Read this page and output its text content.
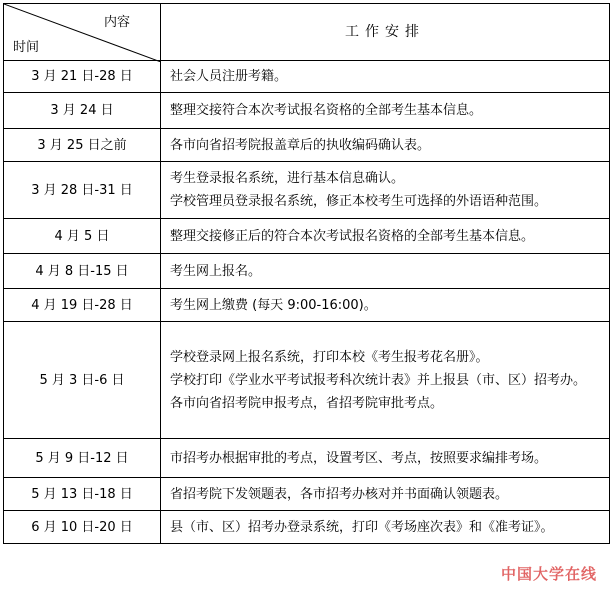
内容
时间	工作安排
3 月 21 日-28 日	社会人员注册考籍。

3 月 24 日	整理交接符合本次考试报名资格的全部考生基本信息。

3 月 25 日之前	各市向省招考院报盖章后的执收编码确认表。

3 月 28 日-31 日	考生登录报名系统，进行基本信息确认。
学校管理员登录报名系统，修正本校考生可选择的外语语种范围。

4 月 5 日	整理交接修正后的符合本次考试报名资格的全部考生基本信息。

4 月 8 日-15 日	考生网上报名。

4 月 19 日-28 日	考生网上缴费 (每天 9:00-16:00)。

5 月 3 日-6 日	学校登录网上报名系统，打印本校《考生报考花名册》。
学校打印《学业水平考试报考科次统计表》并上报县（市、区）招考办。
各市向省招考院申报考点，省招考院审批考点。

5 月 9 日-12 日	市招考办根据审批的考点，设置考区、考点，按照要求编排考场。

5 月 13 日-18 日	省招考院下发领题表，各市招考办核对并书面确认领题表。

6 月 10 日-20 日	县（市、区）招考办登录系统，打印《考场座次表》和《准考证》。
中国大学在线
